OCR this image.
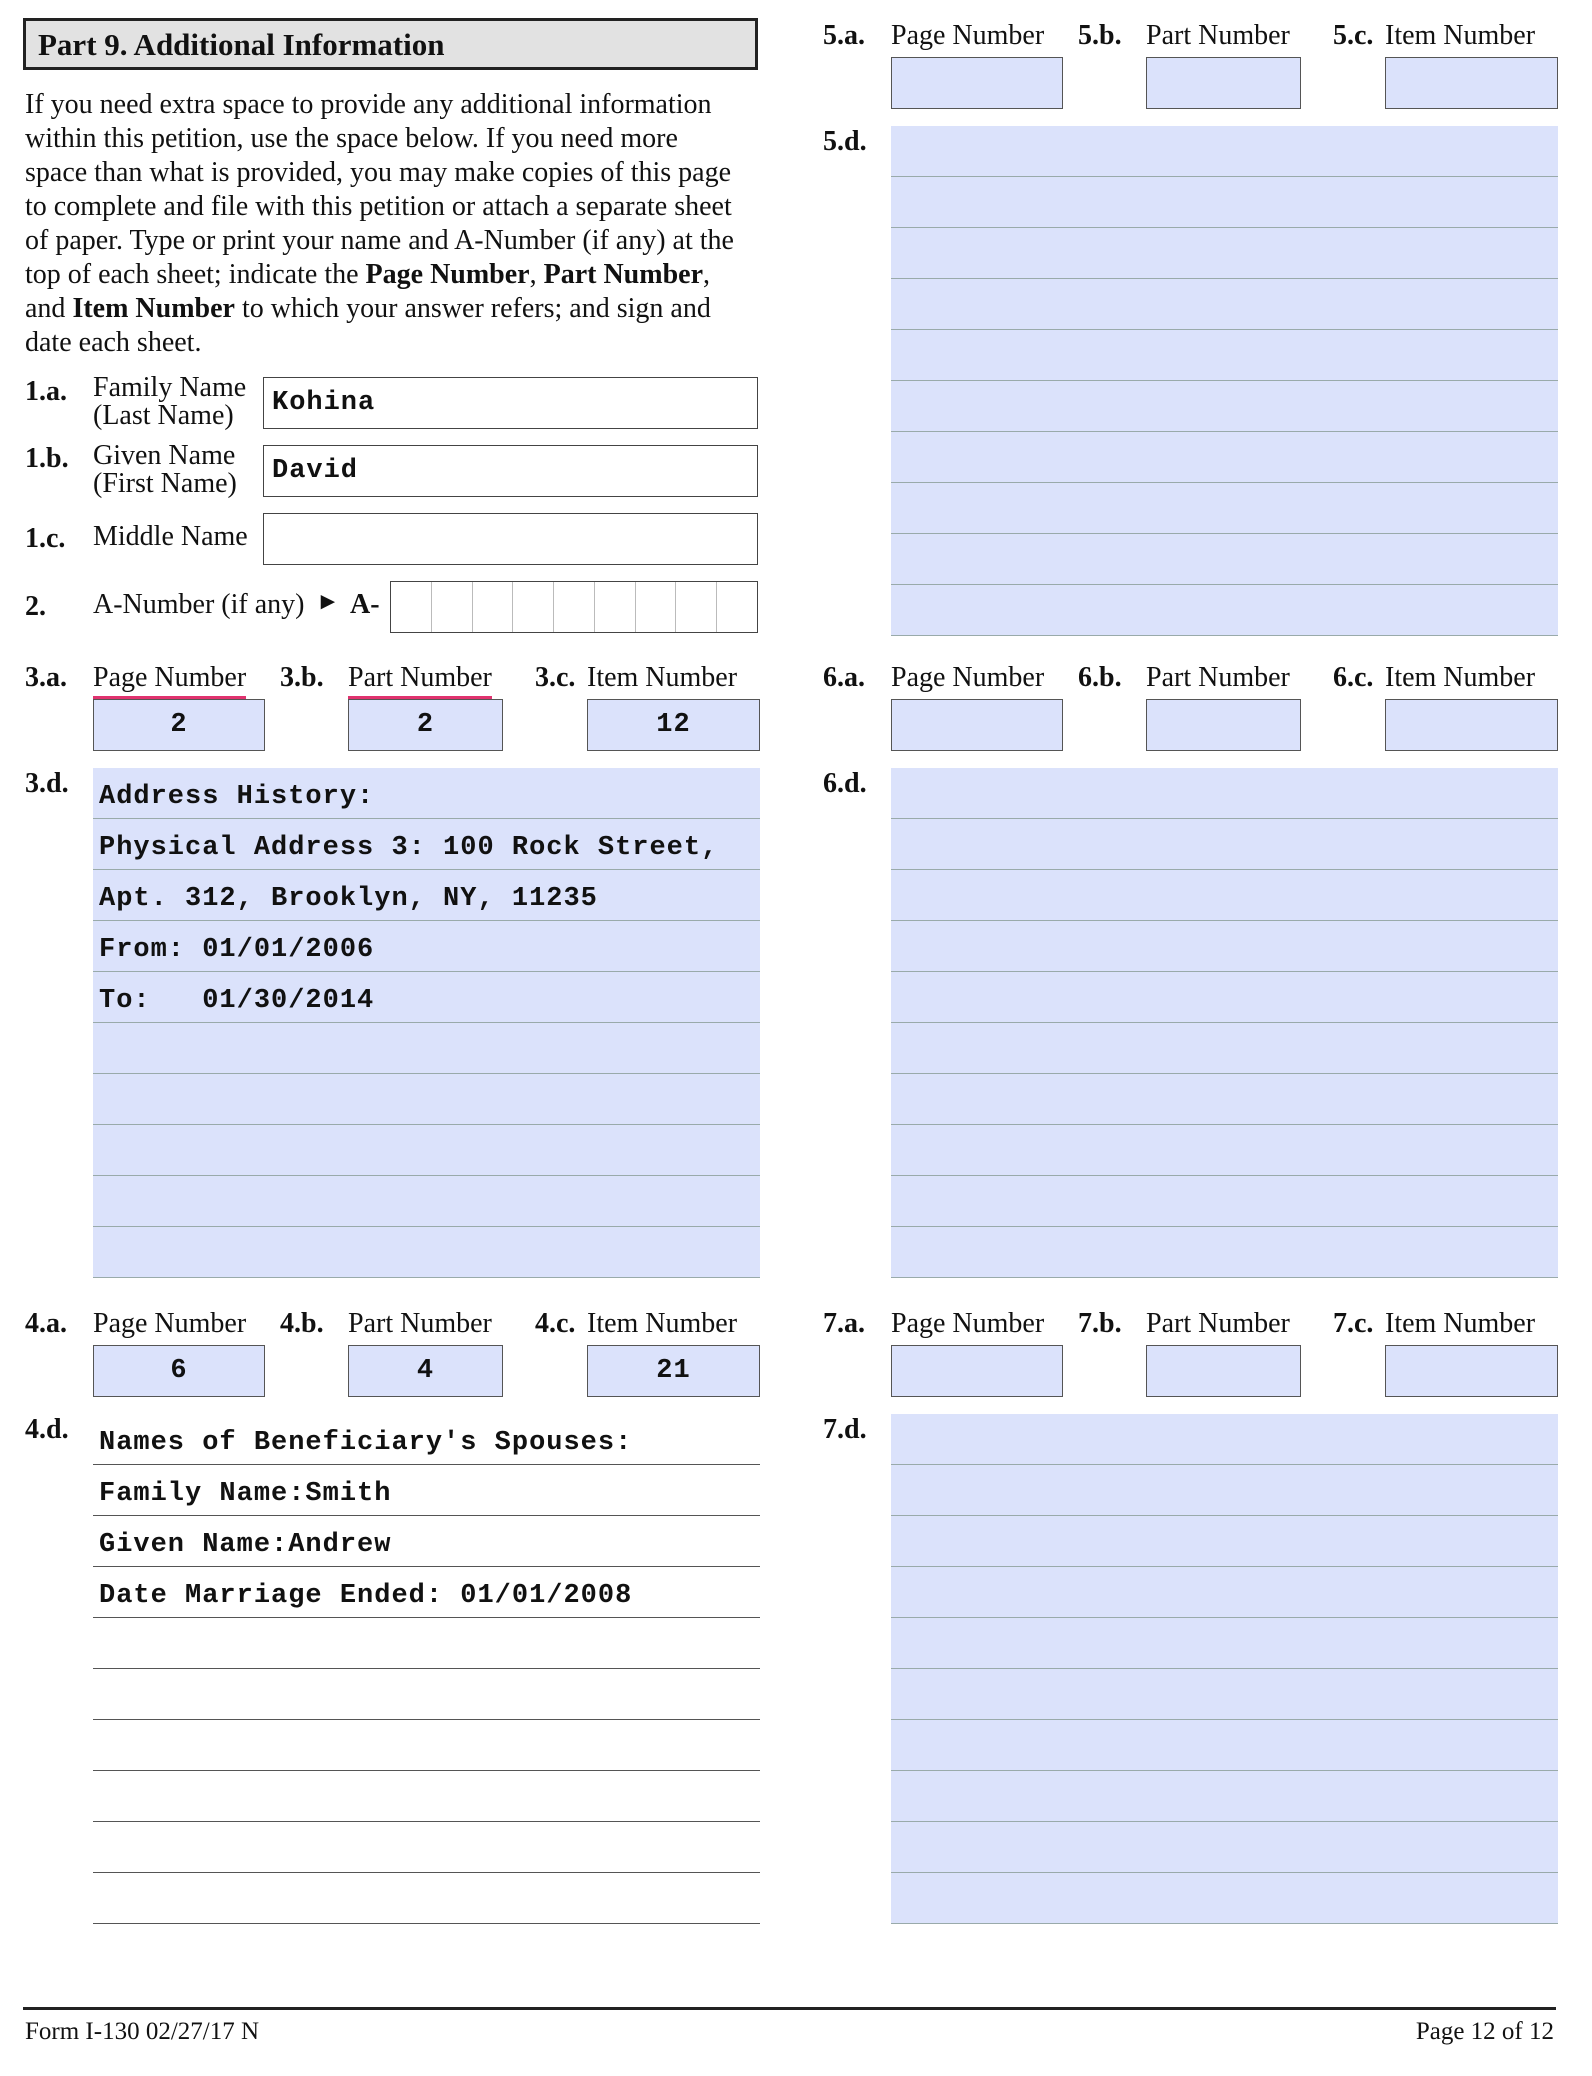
Part 9. Additional Information
If you need extra space to provide any additional information
within this petition, use the space below. If you need more
space than what is provided, you may make copies of this page
to complete and file with this petition or attach a separate sheet
of paper. Type or print your name and A-Number (if any) at the
top of each sheet; indicate the Page Number, Part Number,
and Item Number to which your answer refers; and sign and
date each sheet.
1.a. Family Name
(Last Name)	Kohina
1.b. Given Name
(First Name) David
1.c. Middle Name
2. A-Number (if any) ► A-
3.a. Page Number 3.b. Part Number 3.c. Item Number
2	2	12
3.d. Address History:
Physical Address 3: 100 Rock Street,
Apt. 312, Brooklyn, NY, 11235
From: 01/01/2006
To:   01/30/2014
4.a. Page Number 4.b. Part Number 4.c. Item Number
6	4	21
4.d. Names of Beneficiary's Spouses:
Family Name:Smith
Given Name:Andrew
Date Marriage Ended: 01/01/2008
5.a. Page Number 5.b. Part Number 5.c. Item Number
5.d.
6.a. Page Number 6.b. Part Number 6.c. Item Number
6.d.
7.a. Page Number 7.b. Part Number 7.c. Item Number
7.d.
Form I-130 02/27/17 N	Page 12 of 12
